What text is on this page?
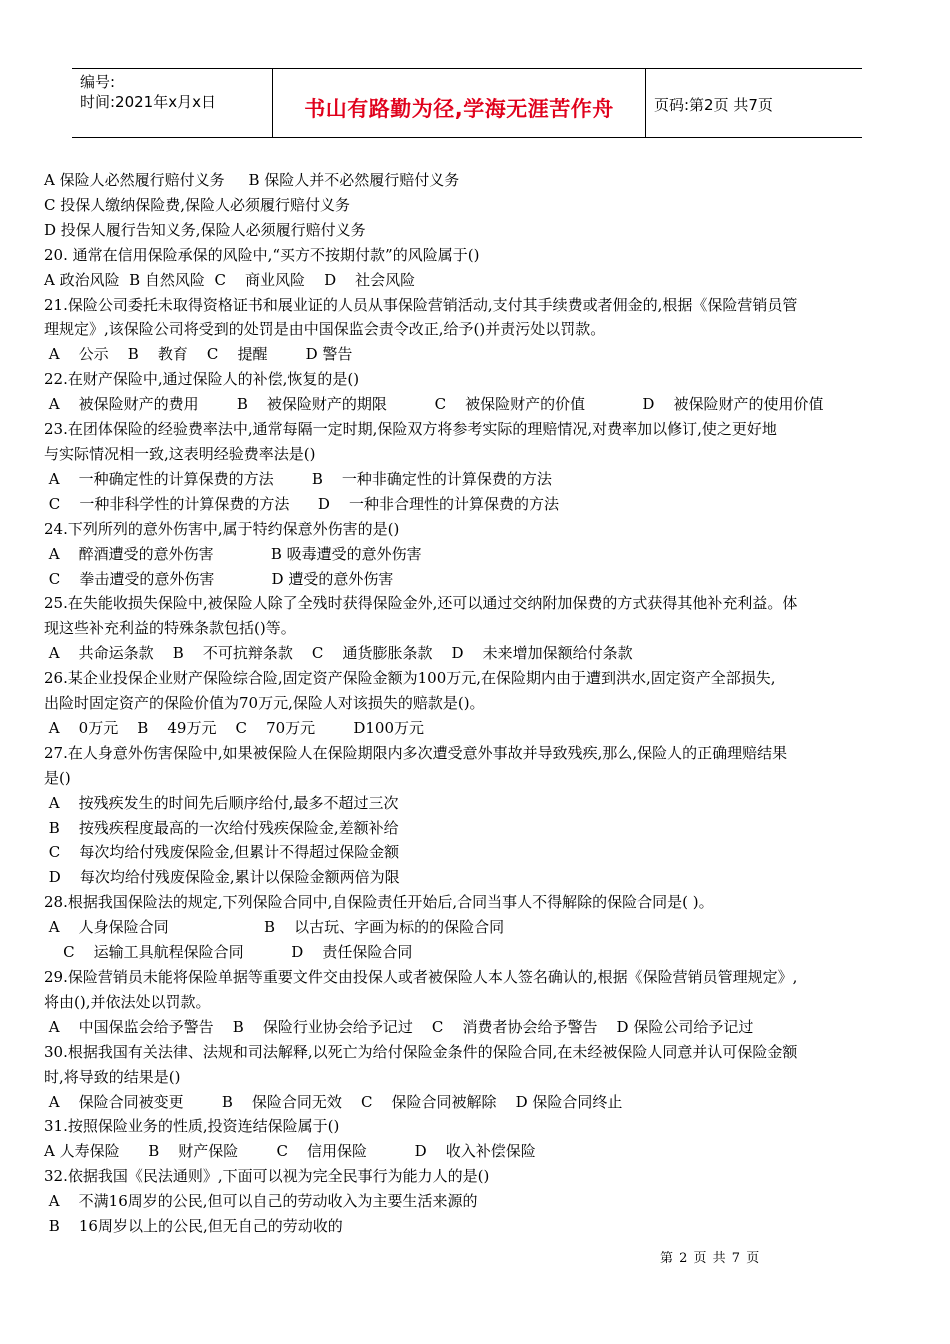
编号:
时间:2021年x月x日	书山有路勤为径,学海无涯苦作舟	页码:第2页 共7页

A 保险人必然履行赔付义务     B 保险人并不必然履行赔付义务

C 投保人缴纳保险费,保险人必须履行赔付义务

D 投保人履行告知义务,保险人必须履行赔付义务

20. 通常在信用保险承保的风险中,“买方不按期付款”的风险属于()

A 政治风险  B 自然风险  C    商业风险    D    社会风险

21.保险公司委托未取得资格证书和展业证的人员从事保险营销活动,支付其手续费或者佣金的,根据《保险营销员管

理规定》,该保险公司将受到的处罚是由中国保监会责令改正,给予()并责污处以罚款。

A    公示    B    教育    C    提醒        D 警告

22.在财产保险中,通过保险人的补偿,恢复的是()

A    被保险财产的费用        B    被保险财产的期限          C    被保险财产的价值            D    被保险财产的使用价值

23.在团体保险的经验费率法中,通常每隔一定时期,保险双方将参考实际的理赔情况,对费率加以修订,使之更好地

与实际情况相一致,这表明经验费率法是()

A    一种确定性的计算保费的方法        B    一种非确定性的计算保费的方法

C    一种非科学性的计算保费的方法      D    一种非合理性的计算保费的方法

24.下列所列的意外伤害中,属于特约保意外伤害的是()

A    醉酒遭受的意外伤害            B 吸毒遭受的意外伤害

C    拳击遭受的意外伤害            D 遭受的意外伤害

25.在失能收损失保险中,被保险人除了全残时获得保险金外,还可以通过交纳附加保费的方式获得其他补充利益。体

现这些补充利益的特殊条款包括()等。

A    共命运条款    B    不可抗辩条款    C    通货膨胀条款    D    未来增加保额给付条款

26.某企业投保企业财产保险综合险,固定资产保险金额为100万元,在保险期内由于遭到洪水,固定资产全部损失,

出险时固定资产的保险价值为70万元,保险人对该损失的赔款是()。

A    0万元    B    49万元    C    70万元        D100万元

27.在人身意外伤害保险中,如果被保险人在保险期限内多次遭受意外事故并导致残疾,那么,保险人的正确理赔结果

是()

A    按残疾发生的时间先后顺序给付,最多不超过三次

B    按残疾程度最高的一次给付残疾保险金,差额补给

C    每次均给付残废保险金,但累计不得超过保险金额

D    每次均给付残废保险金,累计以保险金额两倍为限

28.根据我国保险法的规定,下列保险合同中,自保险责任开始后,合同当事人不得解除的保险合同是( )。

A    人身保险合同                    B    以古玩、字画为标的的保险合同

C    运输工具航程保险合同          D    责任保险合同

29.保险营销员未能将保险单据等重要文件交由投保人或者被保险人本人签名确认的,根据《保险营销员管理规定》,

将由(),并依法处以罚款。

A    中国保监会给予警告    B    保险行业协会给予记过    C    消费者协会给予警告    D 保险公司给予记过

30.根据我国有关法律、法规和司法解释,以死亡为给付保险金条件的保险合同,在未经被保险人同意并认可保险金额

时,将导致的结果是()

A    保险合同被变更        B    保险合同无效    C    保险合同被解除    D 保险合同终止

31.按照保险业务的性质,投资连结保险属于()

A 人寿保险      B    财产保险        C    信用保险          D    收入补偿保险

32.依据我国《民法通则》,下面可以视为完全民事行为能力人的是()

A    不满16周岁的公民,但可以自己的劳动收入为主要生活来源的

B    16周岁以上的公民,但无自己的劳动收的

第 2 页 共 7 页
